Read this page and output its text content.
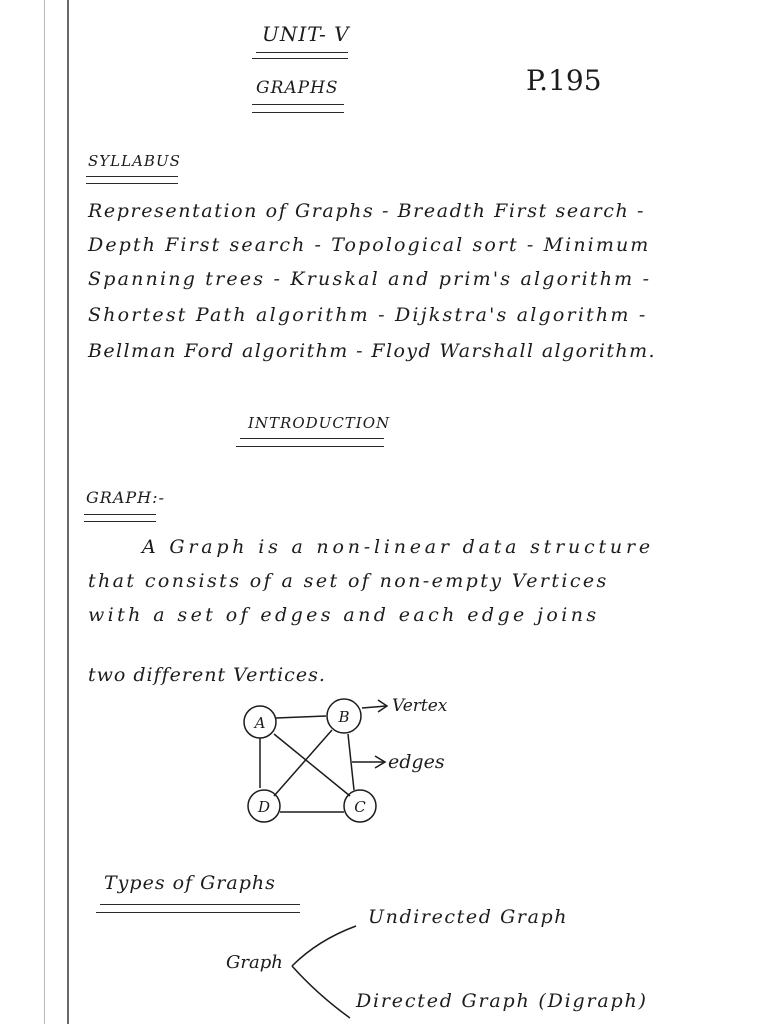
UNIT- V
GRAPHS	P.195
SYLLABUS
Representation of Graphs - Breadth First search -
Depth First search - Topological sort - Minimum
Spanning trees - Kruskal and prim's algorithm -
Shortest Path algorithm - Dijkstra's algorithm -
Bellman Ford algorithm - Floyd Warshall algorithm.
INTRODUCTION
GRAPH:-
A Graph is a non-linear data structure
that consists of a set of non-empty Vertices
with a set of edges and each edge joins
two different Vertices.
A	B
C
D
Vertex
edges
Types of Graphs
Graph
Undirected Graph
Directed Graph (Digraph)
